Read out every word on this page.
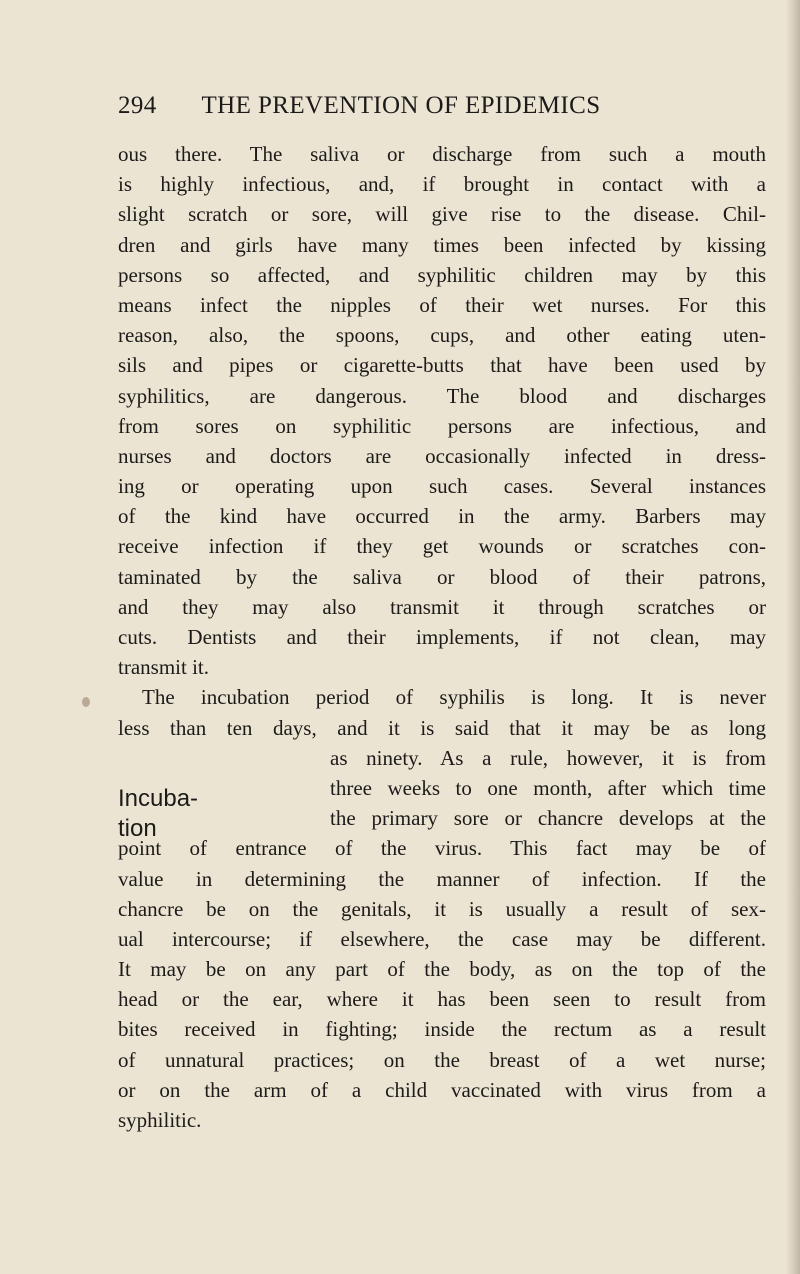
294	THE PREVENTION OF EPIDEMICS
ous there. The saliva or discharge from such a mouth
is highly infectious, and, if brought in contact with a
slight scratch or sore, will give rise to the disease. Chil-
dren and girls have many times been infected by kissing
persons so affected, and syphilitic children may by this
means infect the nipples of their wet nurses. For this
reason, also, the spoons, cups, and other eating uten-
sils and pipes or cigarette-butts that have been used by
syphilitics, are dangerous. The blood and discharges
from sores on syphilitic persons are infectious, and
nurses and doctors are occasionally infected in dress-
ing or operating upon such cases. Several instances
of the kind have occurred in the army. Barbers may
receive infection if they get wounds or scratches con-
taminated by the saliva or blood of their patrons,
and they may also transmit it through scratches or
cuts. Dentists and their implements, if not clean, may
transmit it.
The incubation period of syphilis is long. It is never
less than ten days, and it is said that it may be as long
as ninety. As a rule, however, it is from
three weeks to one month, after which time
the primary sore or chancre develops at the
point of entrance of the virus. This fact may be of
value in determining the manner of infection. If the
chancre be on the genitals, it is usually a result of sex-
ual intercourse; if elsewhere, the case may be different.
It may be on any part of the body, as on the top of the
head or the ear, where it has been seen to result from
bites received in fighting; inside the rectum as a result
of unnatural practices; on the breast of a wet nurse;
or on the arm of a child vaccinated with virus from a
syphilitic.
Incuba-
tion
